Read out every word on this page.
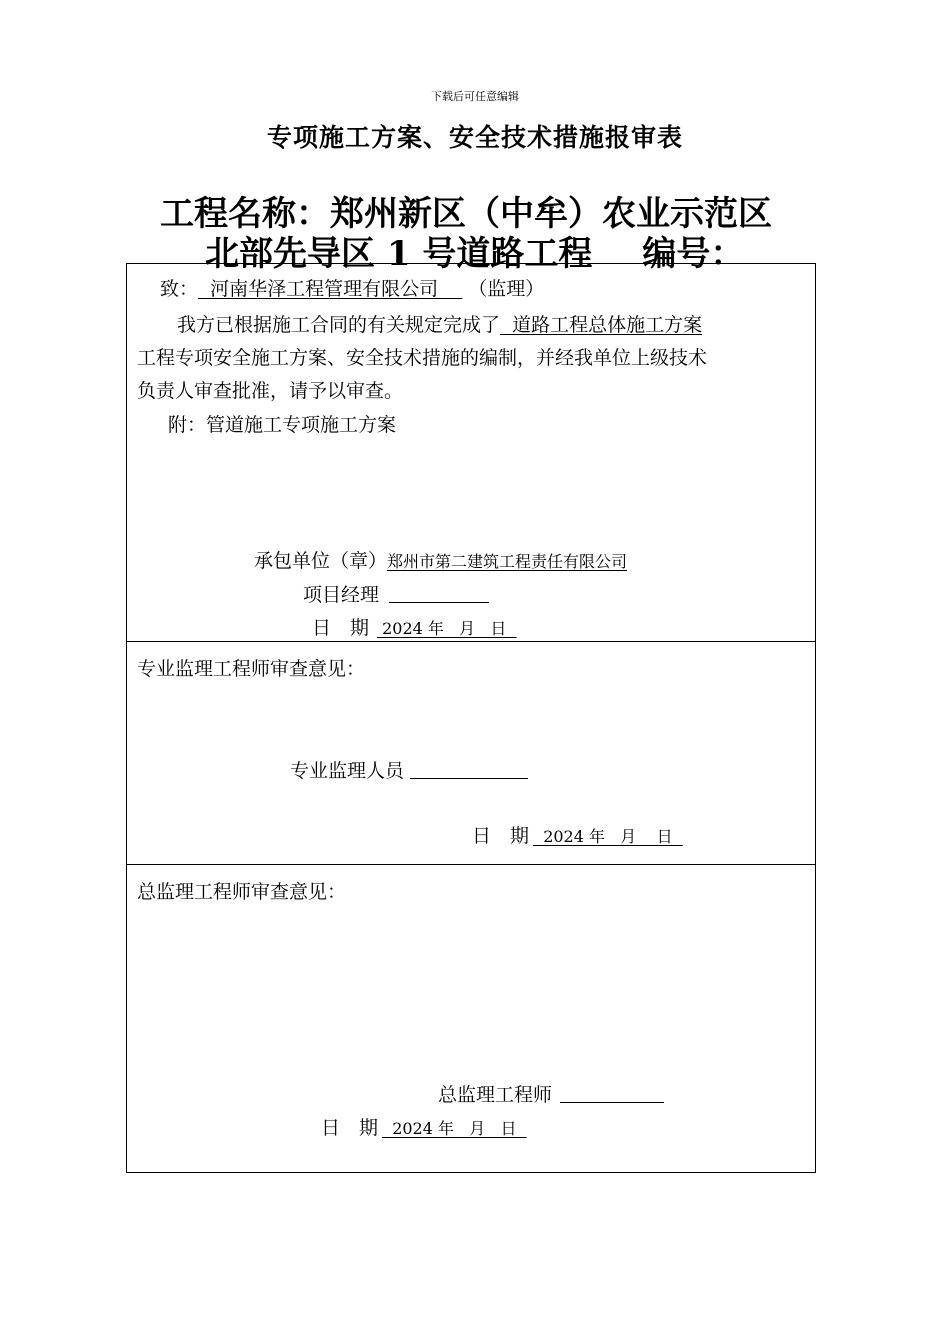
下载后可任意编辑
专项施工方案、安全技术措施报审表
工程名称：郑州新区（中牟）农业示范区
北部先导区 1 号道路工程 编号：
致：  河南华泽工程管理有限公司    （监理）
我方已根据施工合同的有关规定完成了  道路工程总体施工方案
工程专项安全施工方案、安全技术措施的编制，并经我单位上级技术
负责人审查批准，请予以审查。
附：管道施工专项施工方案
承包单位（章）郑州市第二建筑工程责任有限公司
项目经理
日　期 2024 年   月   日
专业监理工程师审查意见：
专业监理人员
日　期  2024 年   月    日
总监理工程师审查意见：
总监理工程师
日　期  2024 年   月   日
